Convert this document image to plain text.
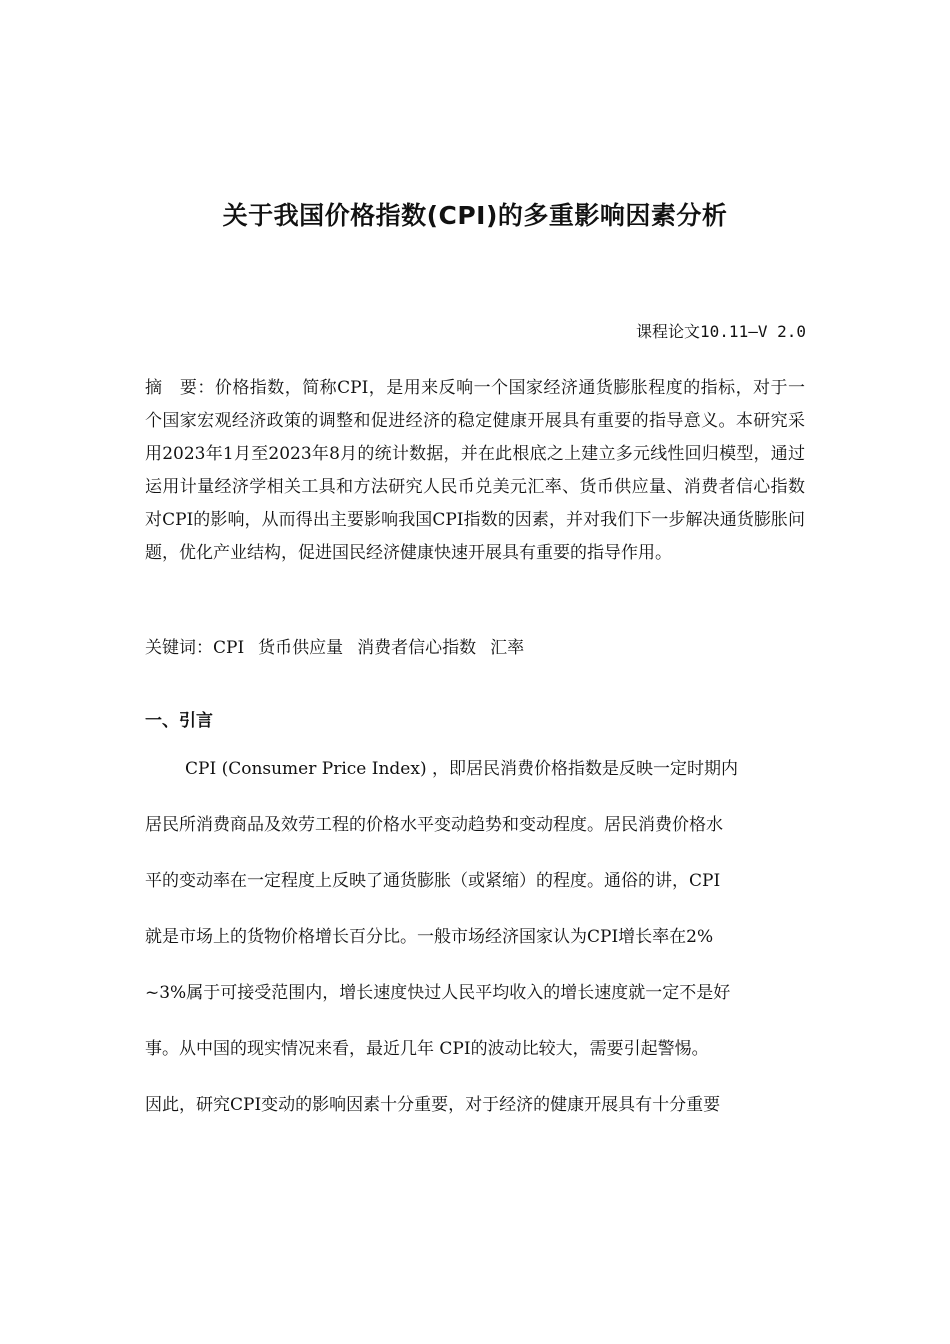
关于我国价格指数(CPI)的多重影响因素分析
课程论文10.11—V 2.0
摘　要：价格指数，简称CPI，是用来反响一个国家经济通货膨胀程度的指标，对于一个国家宏观经济政策的调整和促进经济的稳定健康开展具有重要的指导意义。本研究采用2023年1月至2023年8月的统计数据，并在此根底之上建立多元线性回归模型，通过运用计量经济学相关工具和方法研究人民币兑美元汇率、货币供应量、消费者信心指数对CPI的影响，从而得出主要影响我国CPI指数的因素，并对我们下一步解决通货膨胀问题，优化产业结构，促进国民经济健康快速开展具有重要的指导作用。
关键词：CPI 货币供应量 消费者信心指数 汇率
一、引言
CPI (Consumer Price Index) ，即居民消费价格指数是反映一定时期内
居民所消费商品及效劳工程的价格水平变动趋势和变动程度。居民消费价格水
平的变动率在一定程度上反映了通货膨胀（或紧缩）的程度。通俗的讲，CPI
就是市场上的货物价格增长百分比。一般市场经济国家认为CPI增长率在2%
~3%属于可接受范围内，增长速度快过人民平均收入的增长速度就一定不是好
事。从中国的现实情况来看，最近几年 CPI的波动比较大，需要引起警惕。
因此，研究CPI变动的影响因素十分重要，对于经济的健康开展具有十分重要
